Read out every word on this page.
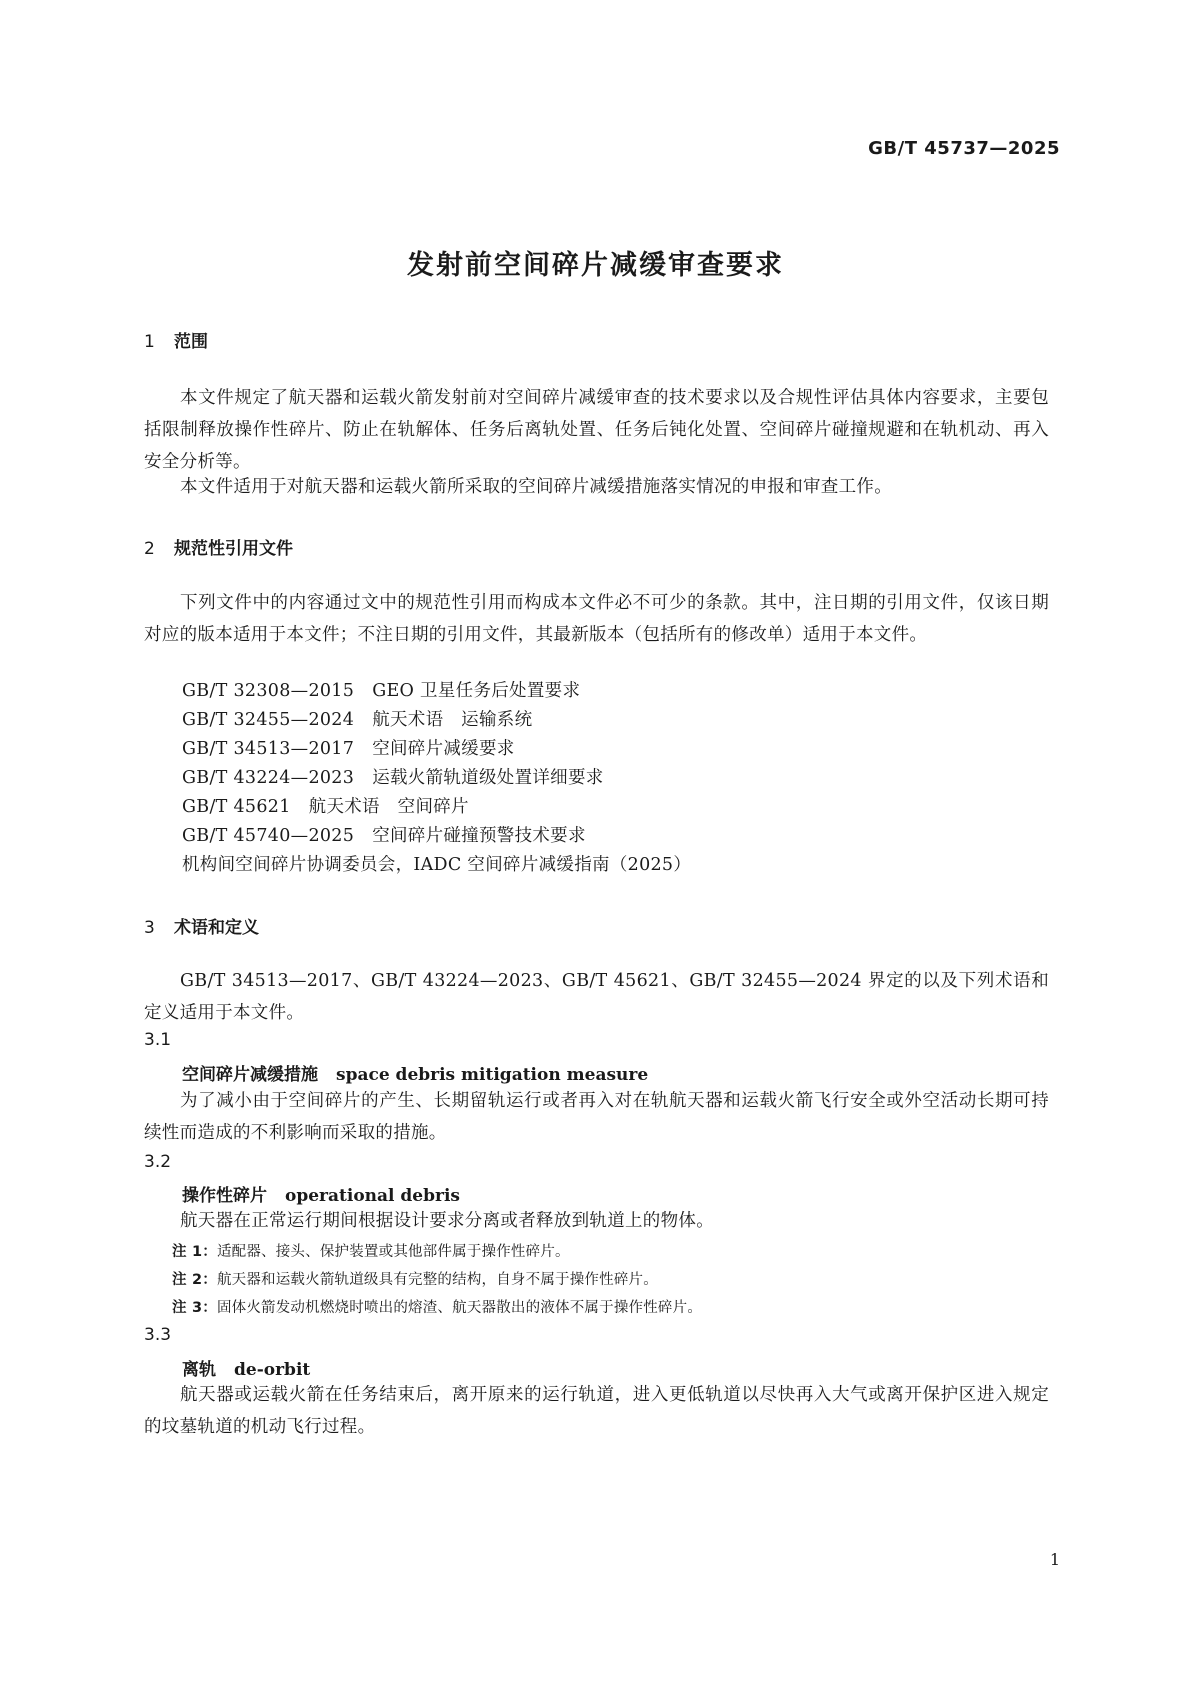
GB/T 45737—2025
发射前空间碎片减缓审查要求
1 范围
本文件规定了航天器和运载火箭发射前对空间碎片减缓审查的技术要求以及合规性评估具体内容要求，主要包括限制释放操作性碎片、防止在轨解体、任务后离轨处置、任务后钝化处置、空间碎片碰撞规避和在轨机动、再入安全分析等。
本文件适用于对航天器和运载火箭所采取的空间碎片减缓措施落实情况的申报和审查工作。
2 规范性引用文件
下列文件中的内容通过文中的规范性引用而构成本文件必不可少的条款。其中，注日期的引用文件，仅该日期对应的版本适用于本文件；不注日期的引用文件，其最新版本（包括所有的修改单）适用于本文件。
GB/T 32308—2015 GEO 卫星任务后处置要求
GB/T 32455—2024 航天术语　运输系统
GB/T 34513—2017 空间碎片减缓要求
GB/T 43224—2023 运载火箭轨道级处置详细要求
GB/T 45621 航天术语　空间碎片
GB/T 45740—2025 空间碎片碰撞预警技术要求
机构间空间碎片协调委员会，IADC 空间碎片减缓指南（2025）
3 术语和定义
GB/T 34513—2017、GB/T 43224—2023、GB/T 45621、GB/T 32455—2024 界定的以及下列术语和定义适用于本文件。
3.1
空间碎片减缓措施 space debris mitigation measure
为了减小由于空间碎片的产生、长期留轨运行或者再入对在轨航天器和运载火箭飞行安全或外空活动长期可持续性而造成的不利影响而采取的措施。
3.2
操作性碎片 operational debris
航天器在正常运行期间根据设计要求分离或者释放到轨道上的物体。
注 1：适配器、接头、保护装置或其他部件属于操作性碎片。
注 2：航天器和运载火箭轨道级具有完整的结构，自身不属于操作性碎片。
注 3：固体火箭发动机燃烧时喷出的熔渣、航天器散出的液体不属于操作性碎片。
3.3
离轨 de-orbit
航天器或运载火箭在任务结束后，离开原来的运行轨道，进入更低轨道以尽快再入大气或离开保护区进入规定的坟墓轨道的机动飞行过程。
1
